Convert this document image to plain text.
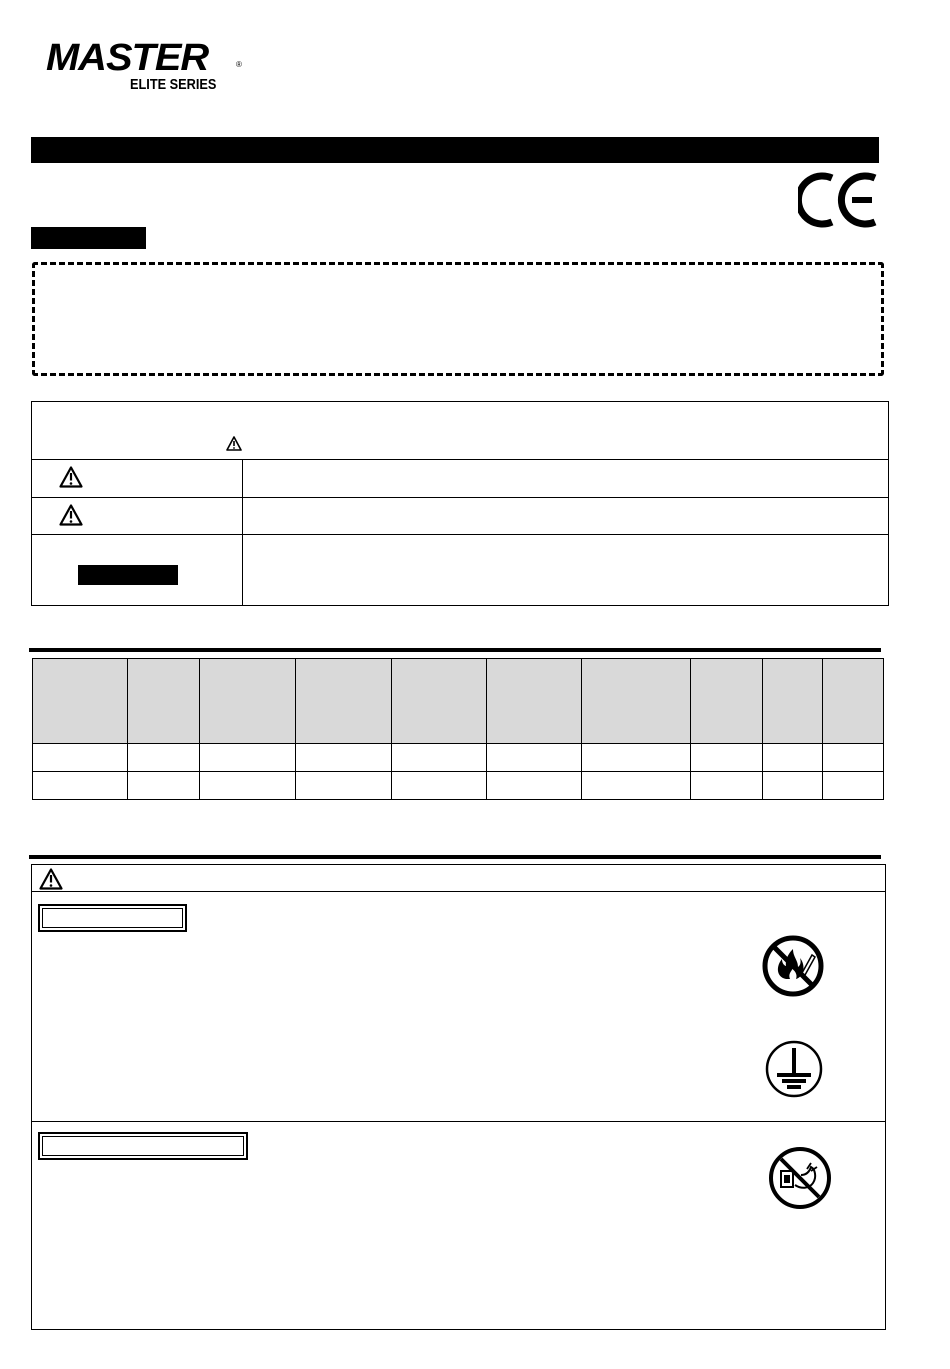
MASTER	®
ELITE SERIES
